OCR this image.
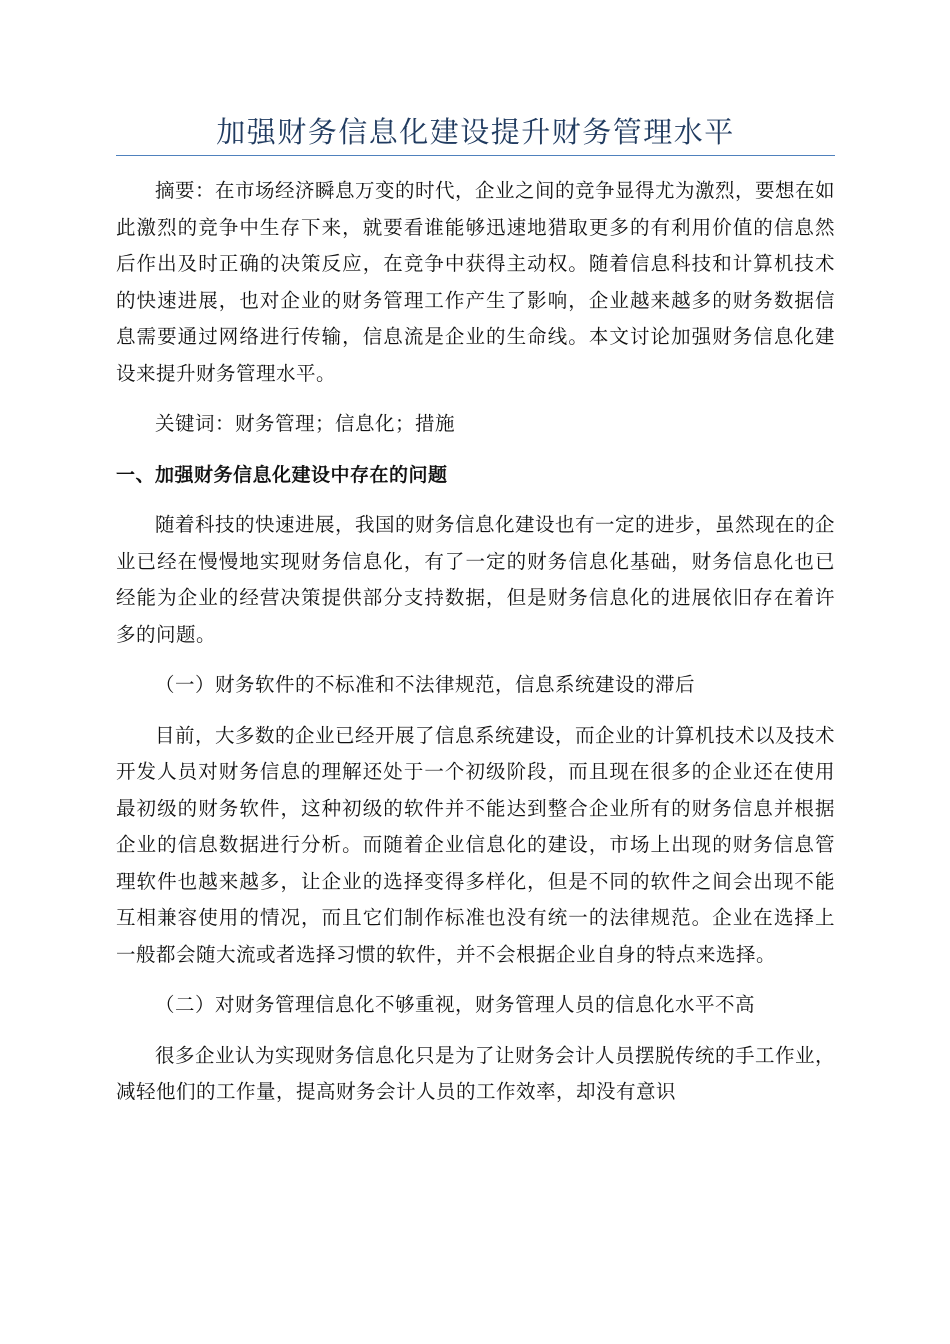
加强财务信息化建设提升财务管理水平

摘要：在市场经济瞬息万变的时代，企业之间的竞争显得尤为激烈，要想在如此激烈的竞争中生存下来，就要看谁能够迅速地猎取更多的有利用价值的信息然后作出及时正确的决策反应，在竞争中获得主动权。随着信息科技和计算机技术的快速进展，也对企业的财务管理工作产生了影响，企业越来越多的财务数据信息需要通过网络进行传输，信息流是企业的生命线。本文讨论加强财务信息化建设来提升财务管理水平。

关键词：财务管理；信息化；措施

一、加强财务信息化建设中存在的问题

随着科技的快速进展，我国的财务信息化建设也有一定的进步，虽然现在的企业已经在慢慢地实现财务信息化，有了一定的财务信息化基础，财务信息化也已经能为企业的经营决策提供部分支持数据，但是财务信息化的进展依旧存在着许多的问题。

（一）财务软件的不标准和不法律规范，信息系统建设的滞后

目前，大多数的企业已经开展了信息系统建设，而企业的计算机技术以及技术开发人员对财务信息的理解还处于一个初级阶段，而且现在很多的企业还在使用最初级的财务软件，这种初级的软件并不能达到整合企业所有的财务信息并根据企业的信息数据进行分析。而随着企业信息化的建设，市场上出现的财务信息管理软件也越来越多，让企业的选择变得多样化，但是不同的软件之间会出现不能互相兼容使用的情况，而且它们制作标准也没有统一的法律规范。企业在选择上一般都会随大流或者选择习惯的软件，并不会根据企业自身的特点来选择。

（二）对财务管理信息化不够重视，财务管理人员的信息化水平不高

很多企业认为实现财务信息化只是为了让财务会计人员摆脱传统的手工作业，减轻他们的工作量，提高财务会计人员的工作效率，却没有意识
